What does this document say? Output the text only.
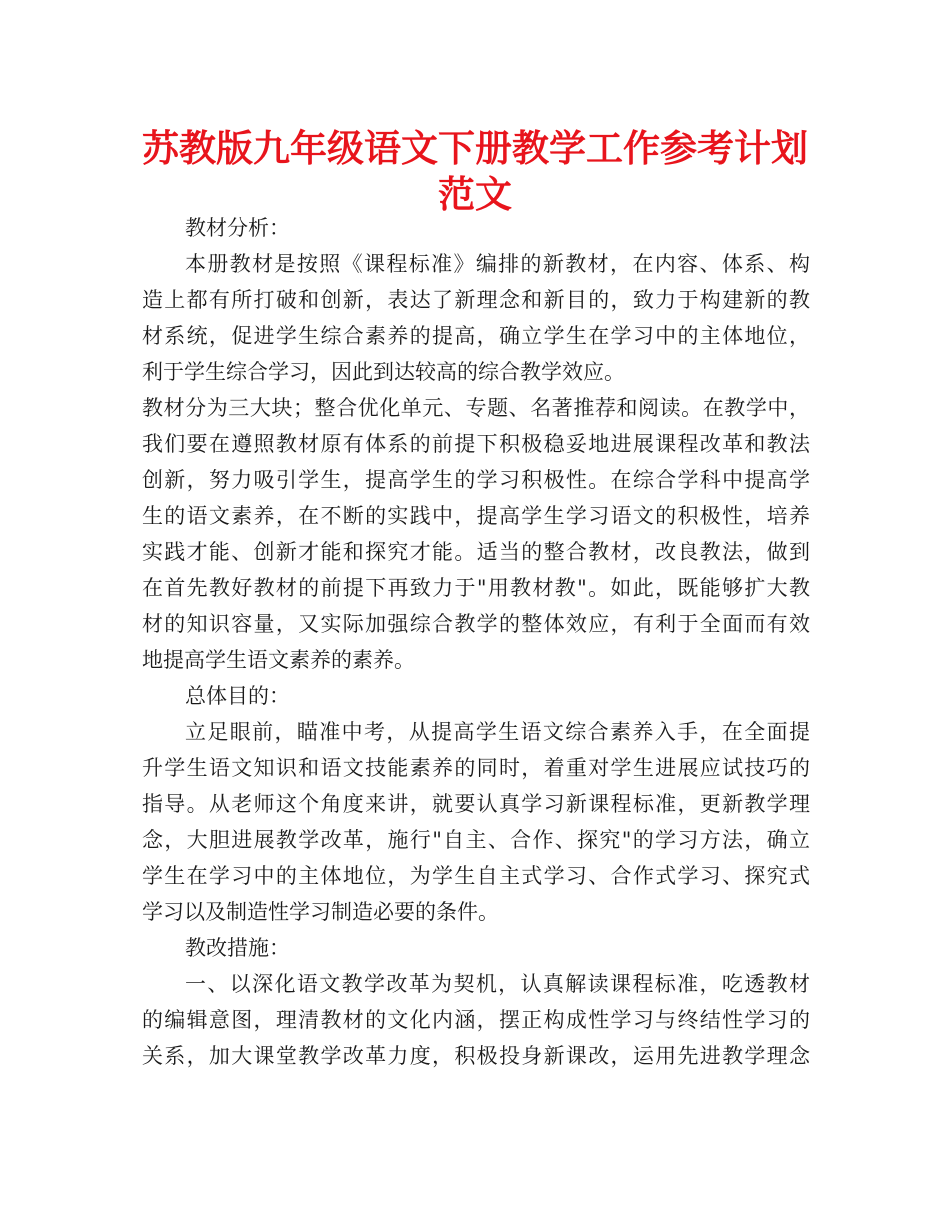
苏教版九年级语文下册教学工作参考计划
范文
教材分析：
本册教材是按照《课程标准》编排的新教材，在内容、体系、构
造上都有所打破和创新，表达了新理念和新目的，致力于构建新的教
材系统，促进学生综合素养的提高，确立学生在学习中的主体地位，
利于学生综合学习，因此到达较高的综合教学效应。
教材分为三大块；整合优化单元、专题、名著推荐和阅读。在教学中，
我们要在遵照教材原有体系的前提下积极稳妥地进展课程改革和教法
创新，努力吸引学生，提高学生的学习积极性。在综合学科中提高学
生的语文素养，在不断的实践中，提高学生学习语文的积极性，培养
实践才能、创新才能和探究才能。适当的整合教材，改良教法，做到
在首先教好教材的前提下再致力于"用教材教"。如此，既能够扩大教
材的知识容量，又实际加强综合教学的整体效应，有利于全面而有效
地提高学生语文素养的素养。
总体目的：
立足眼前，瞄准中考，从提高学生语文综合素养入手，在全面提
升学生语文知识和语文技能素养的同时，着重对学生进展应试技巧的
指导。从老师这个角度来讲，就要认真学习新课程标准，更新教学理
念，大胆进展教学改革，施行"自主、合作、探究"的学习方法，确立
学生在学习中的主体地位，为学生自主式学习、合作式学习、探究式
学习以及制造性学习制造必要的条件。
教改措施：
一、以深化语文教学改革为契机，认真解读课程标准，吃透教材
的编辑意图，理清教材的文化内涵，摆正构成性学习与终结性学习的
关系，加大课堂教学改革力度，积极投身新课改，运用先进教学理念
